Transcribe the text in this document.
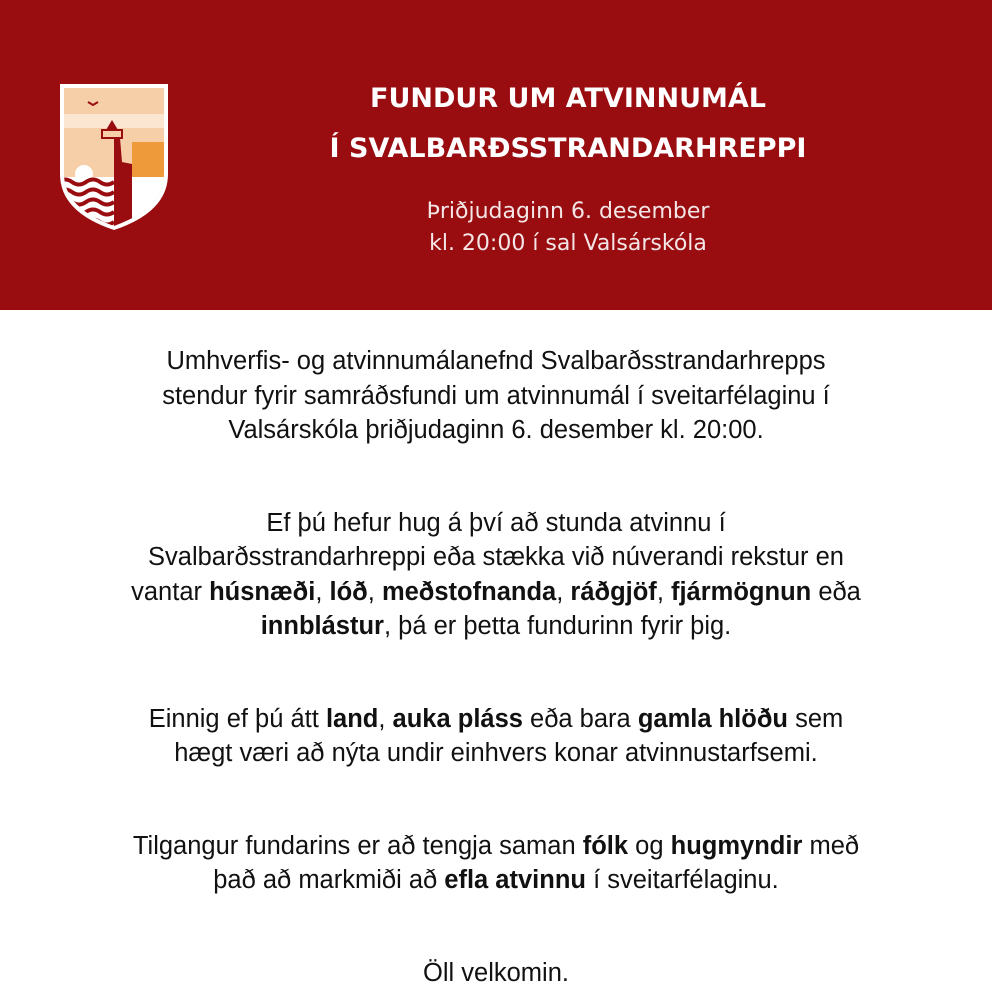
FUNDUR UM ATVINNUMÁL
Í SVALBARÐSSTRANDARHREPPI
Þriðjudaginn 6. desember
kl. 20:00 í sal Valsárskóla

Umhverfis- og atvinnumálanefnd Svalbarðsstrandarhrepps
stendur fyrir samráðsfundi um atvinnumál í sveitarfélaginu í
Valsárskóla þriðjudaginn 6. desember kl. 20:00.

Ef þú hefur hug á því að stunda atvinnu í
Svalbarðsstrandarhreppi eða stækka við núverandi rekstur en
vantar húsnæði, lóð, meðstofnanda, ráðgjöf, fjármögnun eða
innblástur, þá er þetta fundurinn fyrir þig.

Einnig ef þú átt land, auka pláss eða bara gamla hlöðu sem
hægt væri að nýta undir einhvers konar atvinnustarfsemi.

Tilgangur fundarins er að tengja saman fólk og hugmyndir með
það að markmiði að efla atvinnu í sveitarfélaginu.

Öll velkomin.
